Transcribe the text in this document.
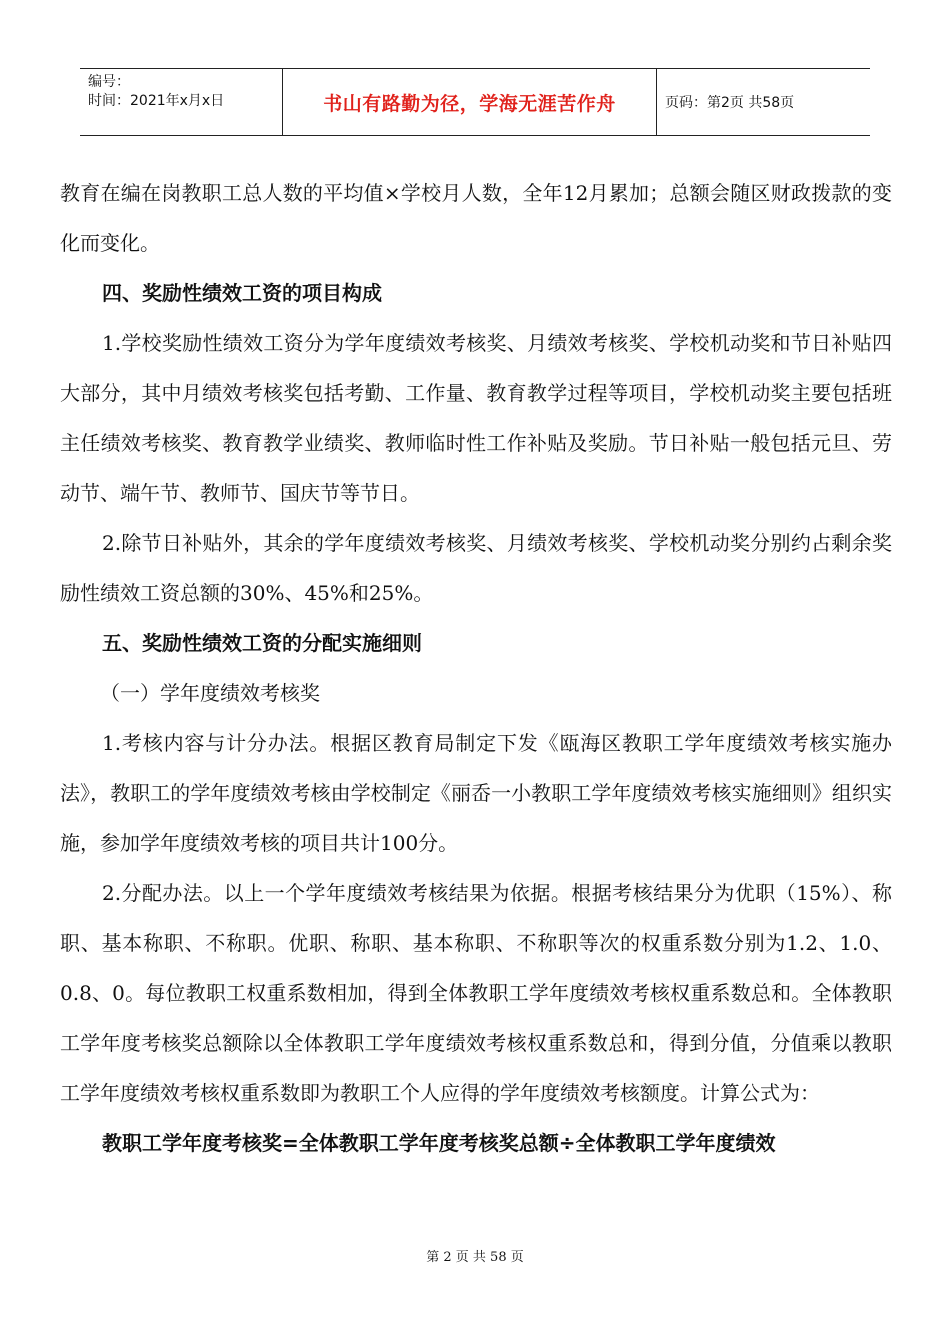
编号：
时间：2021年x月x日	书山有路勤为径，学海无涯苦作舟	页码：第2页 共58页

教育在编在岗教职工总人数的平均值×学校月人数，全年12月累加；总额会随区财政拨款的变化而变化。

四、奖励性绩效工资的项目构成

1.学校奖励性绩效工资分为学年度绩效考核奖、月绩效考核奖、学校机动奖和节日补贴四大部分，其中月绩效考核奖包括考勤、工作量、教育教学过程等项目，学校机动奖主要包括班主任绩效考核奖、教育教学业绩奖、教师临时性工作补贴及奖励。节日补贴一般包括元旦、劳动节、端午节、教师节、国庆节等节日。

2.除节日补贴外，其余的学年度绩效考核奖、月绩效考核奖、学校机动奖分别约占剩余奖励性绩效工资总额的30%、45%和25%。

五、奖励性绩效工资的分配实施细则

（一）学年度绩效考核奖

1.考核内容与计分办法。根据区教育局制定下发《瓯海区教职工学年度绩效考核实施办法》，教职工的学年度绩效考核由学校制定《丽岙一小教职工学年度绩效考核实施细则》组织实施，参加学年度绩效考核的项目共计100分。

2.分配办法。以上一个学年度绩效考核结果为依据。根据考核结果分为优职（15%）、称职、基本称职、不称职。优职、称职、基本称职、不称职等次的权重系数分别为1.2、1.0、0.8、0。每位教职工权重系数相加，得到全体教职工学年度绩效考核权重系数总和。全体教职工学年度考核奖总额除以全体教职工学年度绩效考核权重系数总和，得到分值，分值乘以教职工学年度绩效考核权重系数即为教职工个人应得的学年度绩效考核额度。计算公式为：

教职工学年度考核奖=全体教职工学年度考核奖总额÷全体教职工学年度绩效

第 2 页 共 58 页
